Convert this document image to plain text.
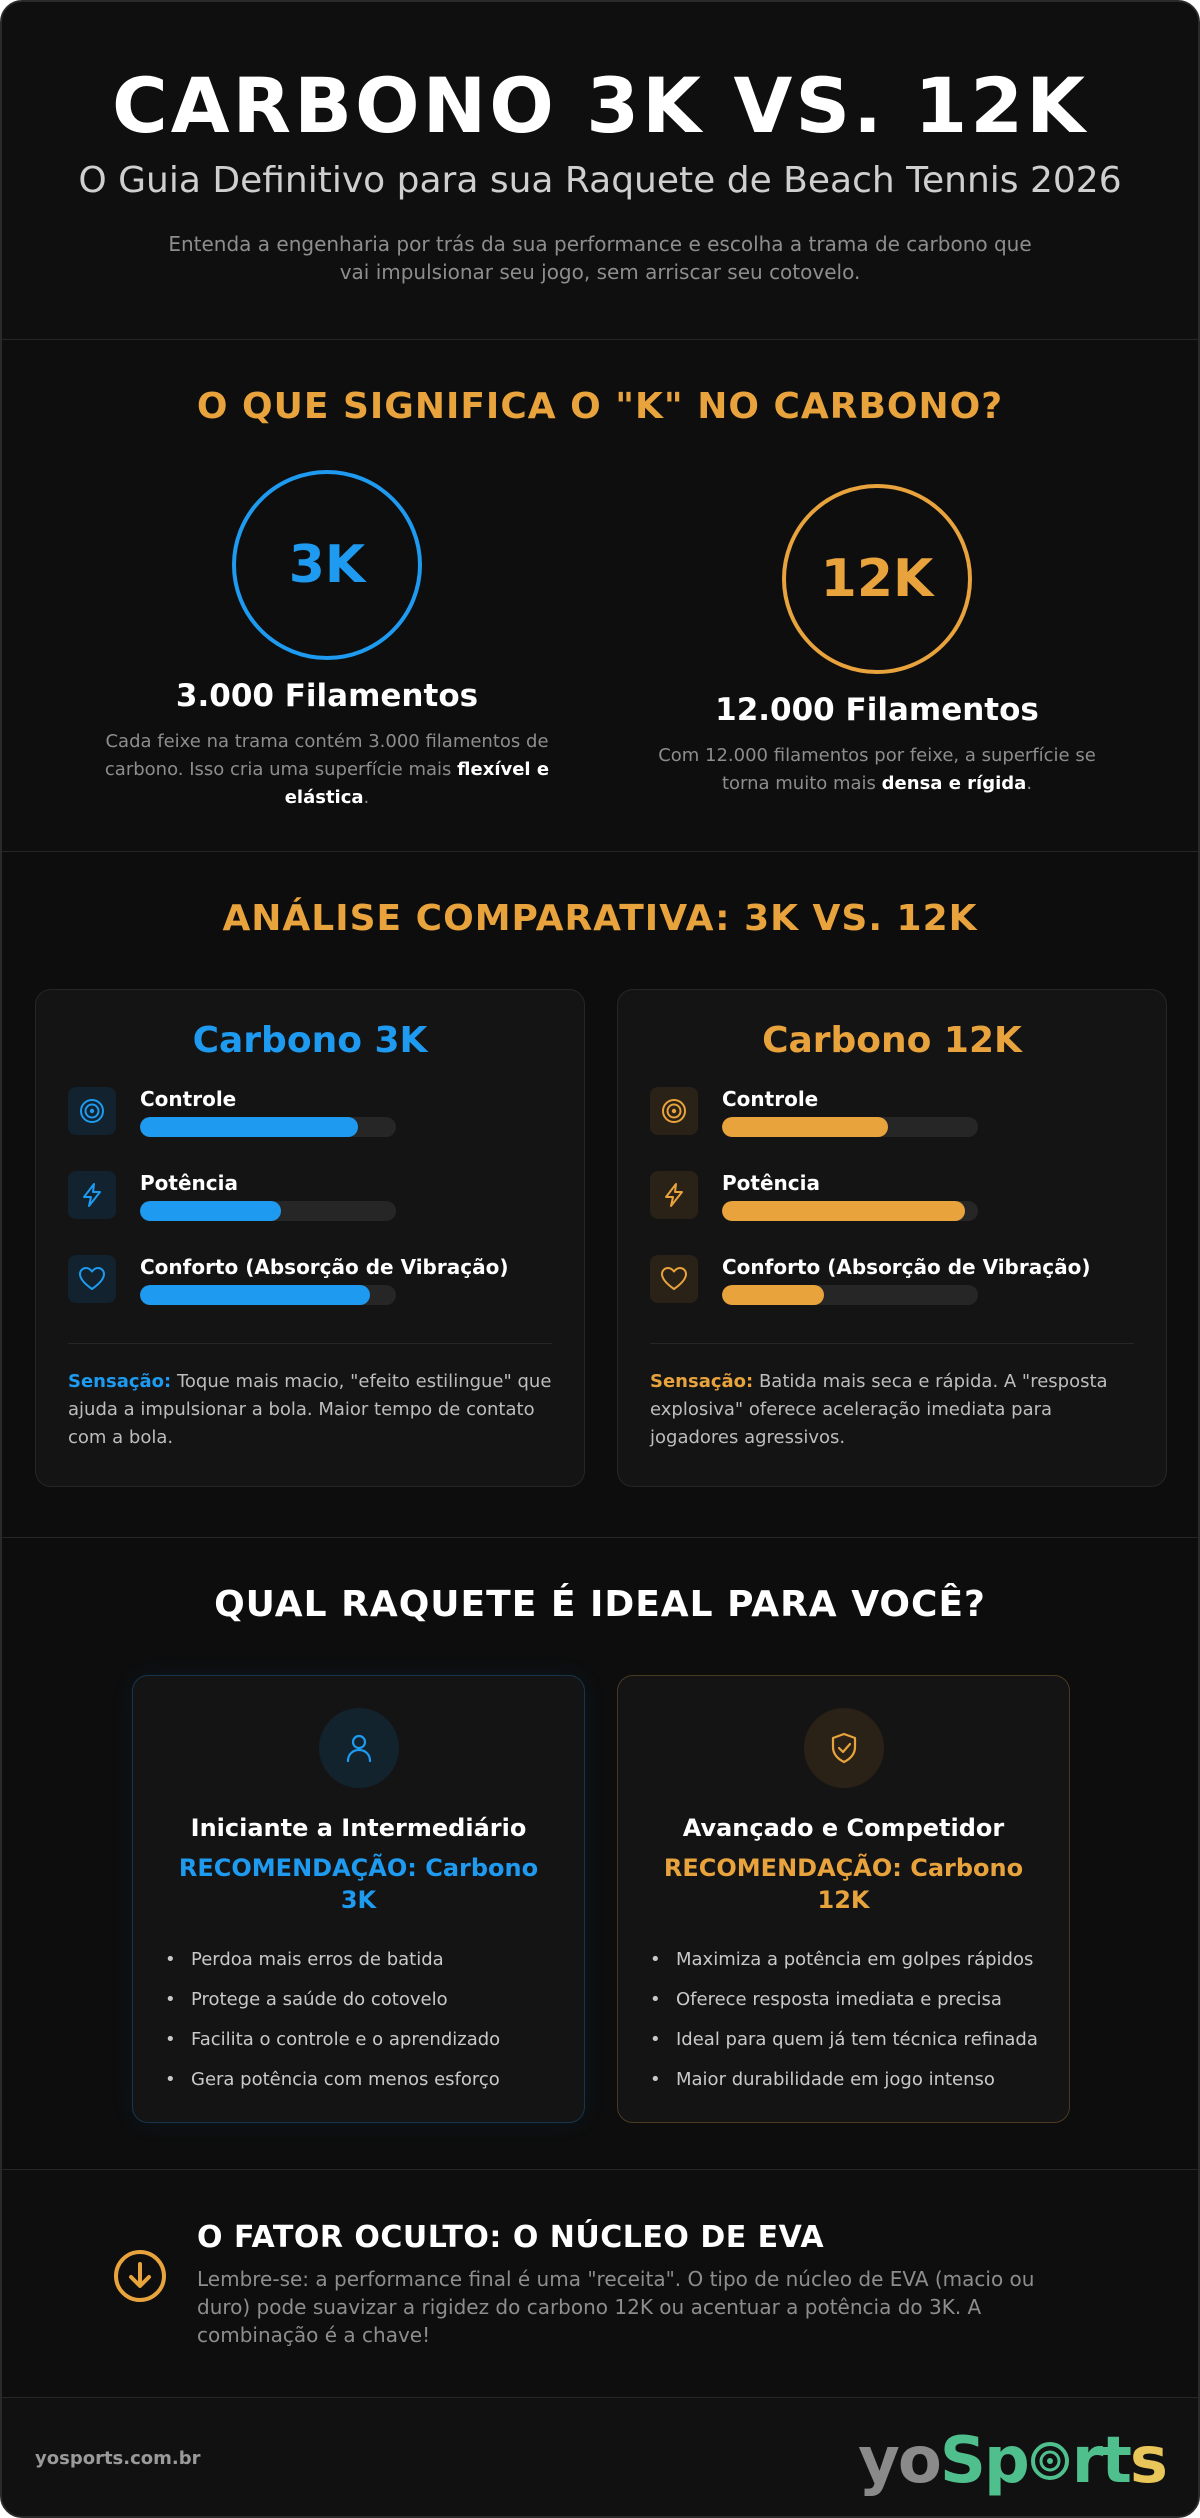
CARBONO 3K VS. 12K
O Guia Definitivo para sua Raquete de Beach Tennis 2026

Entenda a engenharia por trás da sua performance e escolha a trama de carbono que
vai impulsionar seu jogo, sem arriscar seu cotovelo.

O QUE SIGNIFICA O "K" NO CARBONO?
3K
3.000 Filamentos

Cada feixe na trama contém 3.000 filamentos de
carbono. Isso cria uma superfície mais flexível e
elástica.

12K
12.000 Filamentos

Com 12.000 filamentos por feixe, a superfície se
torna muito mais densa e rígida.

ANÁLISE COMPARATIVA: 3K VS. 12K
Carbono 3K
Controle
Potência
Conforto (Absorção de Vibração)

Sensação: Toque mais macio, "efeito estilingue" que
ajuda a impulsionar a bola. Maior tempo de contato
com a bola.

Carbono 12K
Controle
Potência
Conforto (Absorção de Vibração)

Sensação: Batida mais seca e rápida. A "resposta
explosiva" oferece aceleração imediata para
jogadores agressivos.

QUAL RAQUETE É IDEAL PARA VOCÊ?
Iniciante a Intermediário
RECOMENDAÇÃO: Carbono 3K
• Perdoa mais erros de batida
• Protege a saúde do cotovelo
• Facilita o controle e o aprendizado
• Gera potência com menos esforço
Avançado e Competidor
RECOMENDAÇÃO: Carbono 12K
• Maximiza a potência em golpes rápidos
• Oferece resposta imediata e precisa
• Ideal para quem já tem técnica refinada
• Maior durabilidade em jogo intenso
O FATOR OCULTO: O NÚCLEO DE EVA

Lembre-se: a performance final é uma "receita". O tipo de núcleo de EVA (macio ou
duro) pode suavizar a rigidez do carbono 12K ou acentuar a potência do 3K. A
combinação é a chave!

yosports.com.br	yo Sp rt s
